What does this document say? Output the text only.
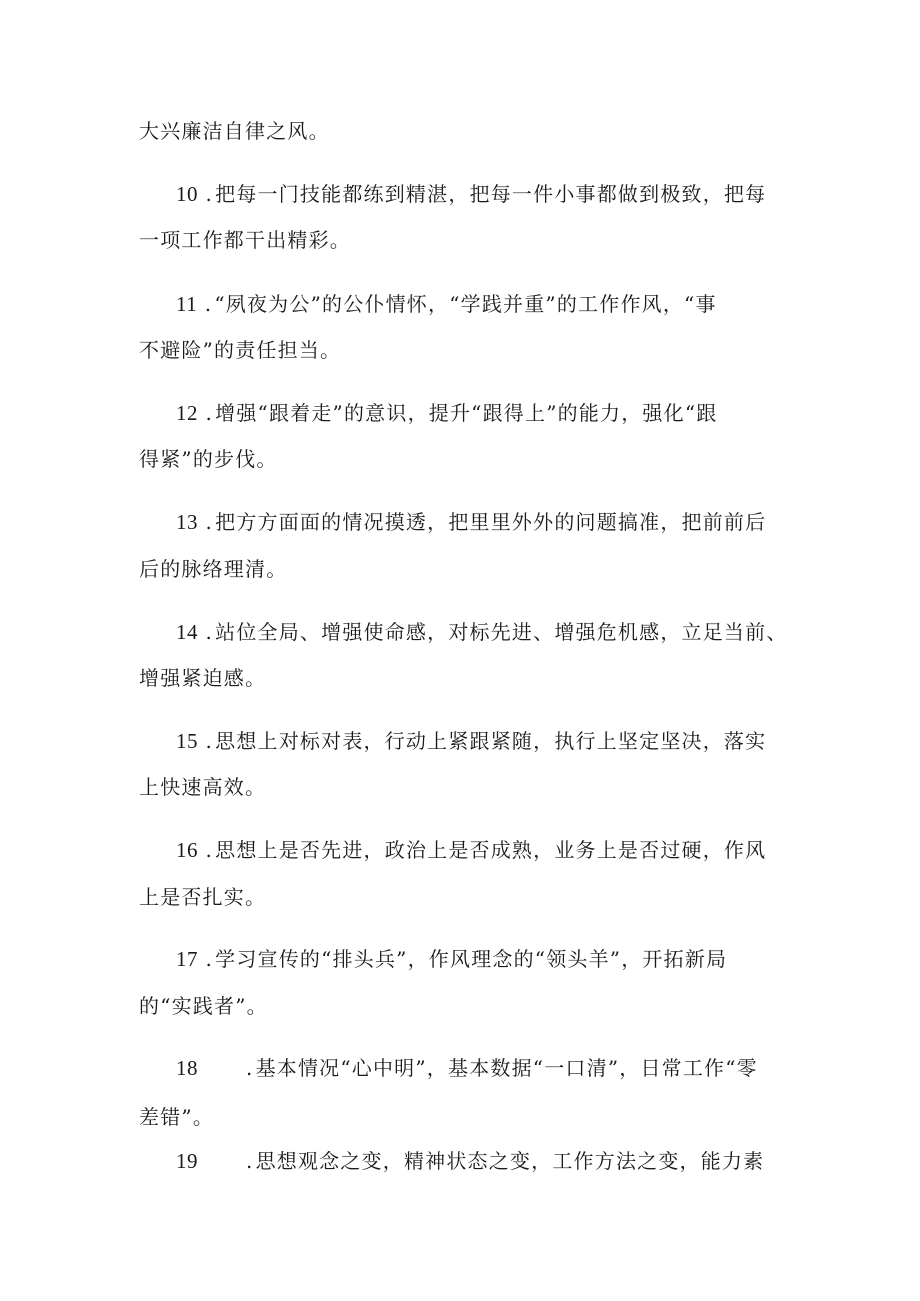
大兴廉洁自律之风。
10 . 把每一门技能都练到精湛，把每一件小事都做到极致，把每
一项工作都干出精彩。
11 . “夙夜为公”的公仆情怀，“学践并重”的工作作风，“事
不避险”的责任担当。
12 . 增强“跟着走”的意识，提升“跟得上”的能力，强化“跟
得紧”的步伐。
13 . 把方方面面的情况摸透，把里里外外的问题搞准，把前前后
后的脉络理清。
14 . 站位全局、增强使命感，对标先进、增强危机感，立足当前、
增强紧迫感。
15 . 思想上对标对表，行动上紧跟紧随，执行上坚定坚决，落实
上快速高效。
16 . 思想上是否先进，政治上是否成熟，业务上是否过硬，作风
上是否扎实。
17 . 学习宣传的“排头兵”，作风理念的“领头羊”，开拓新局
的“实践者”。
18 . 基本情况“心中明”，基本数据“一口清”，日常工作“零
差错”。
19 . 思想观念之变，精神状态之变，工作方法之变，能力素
